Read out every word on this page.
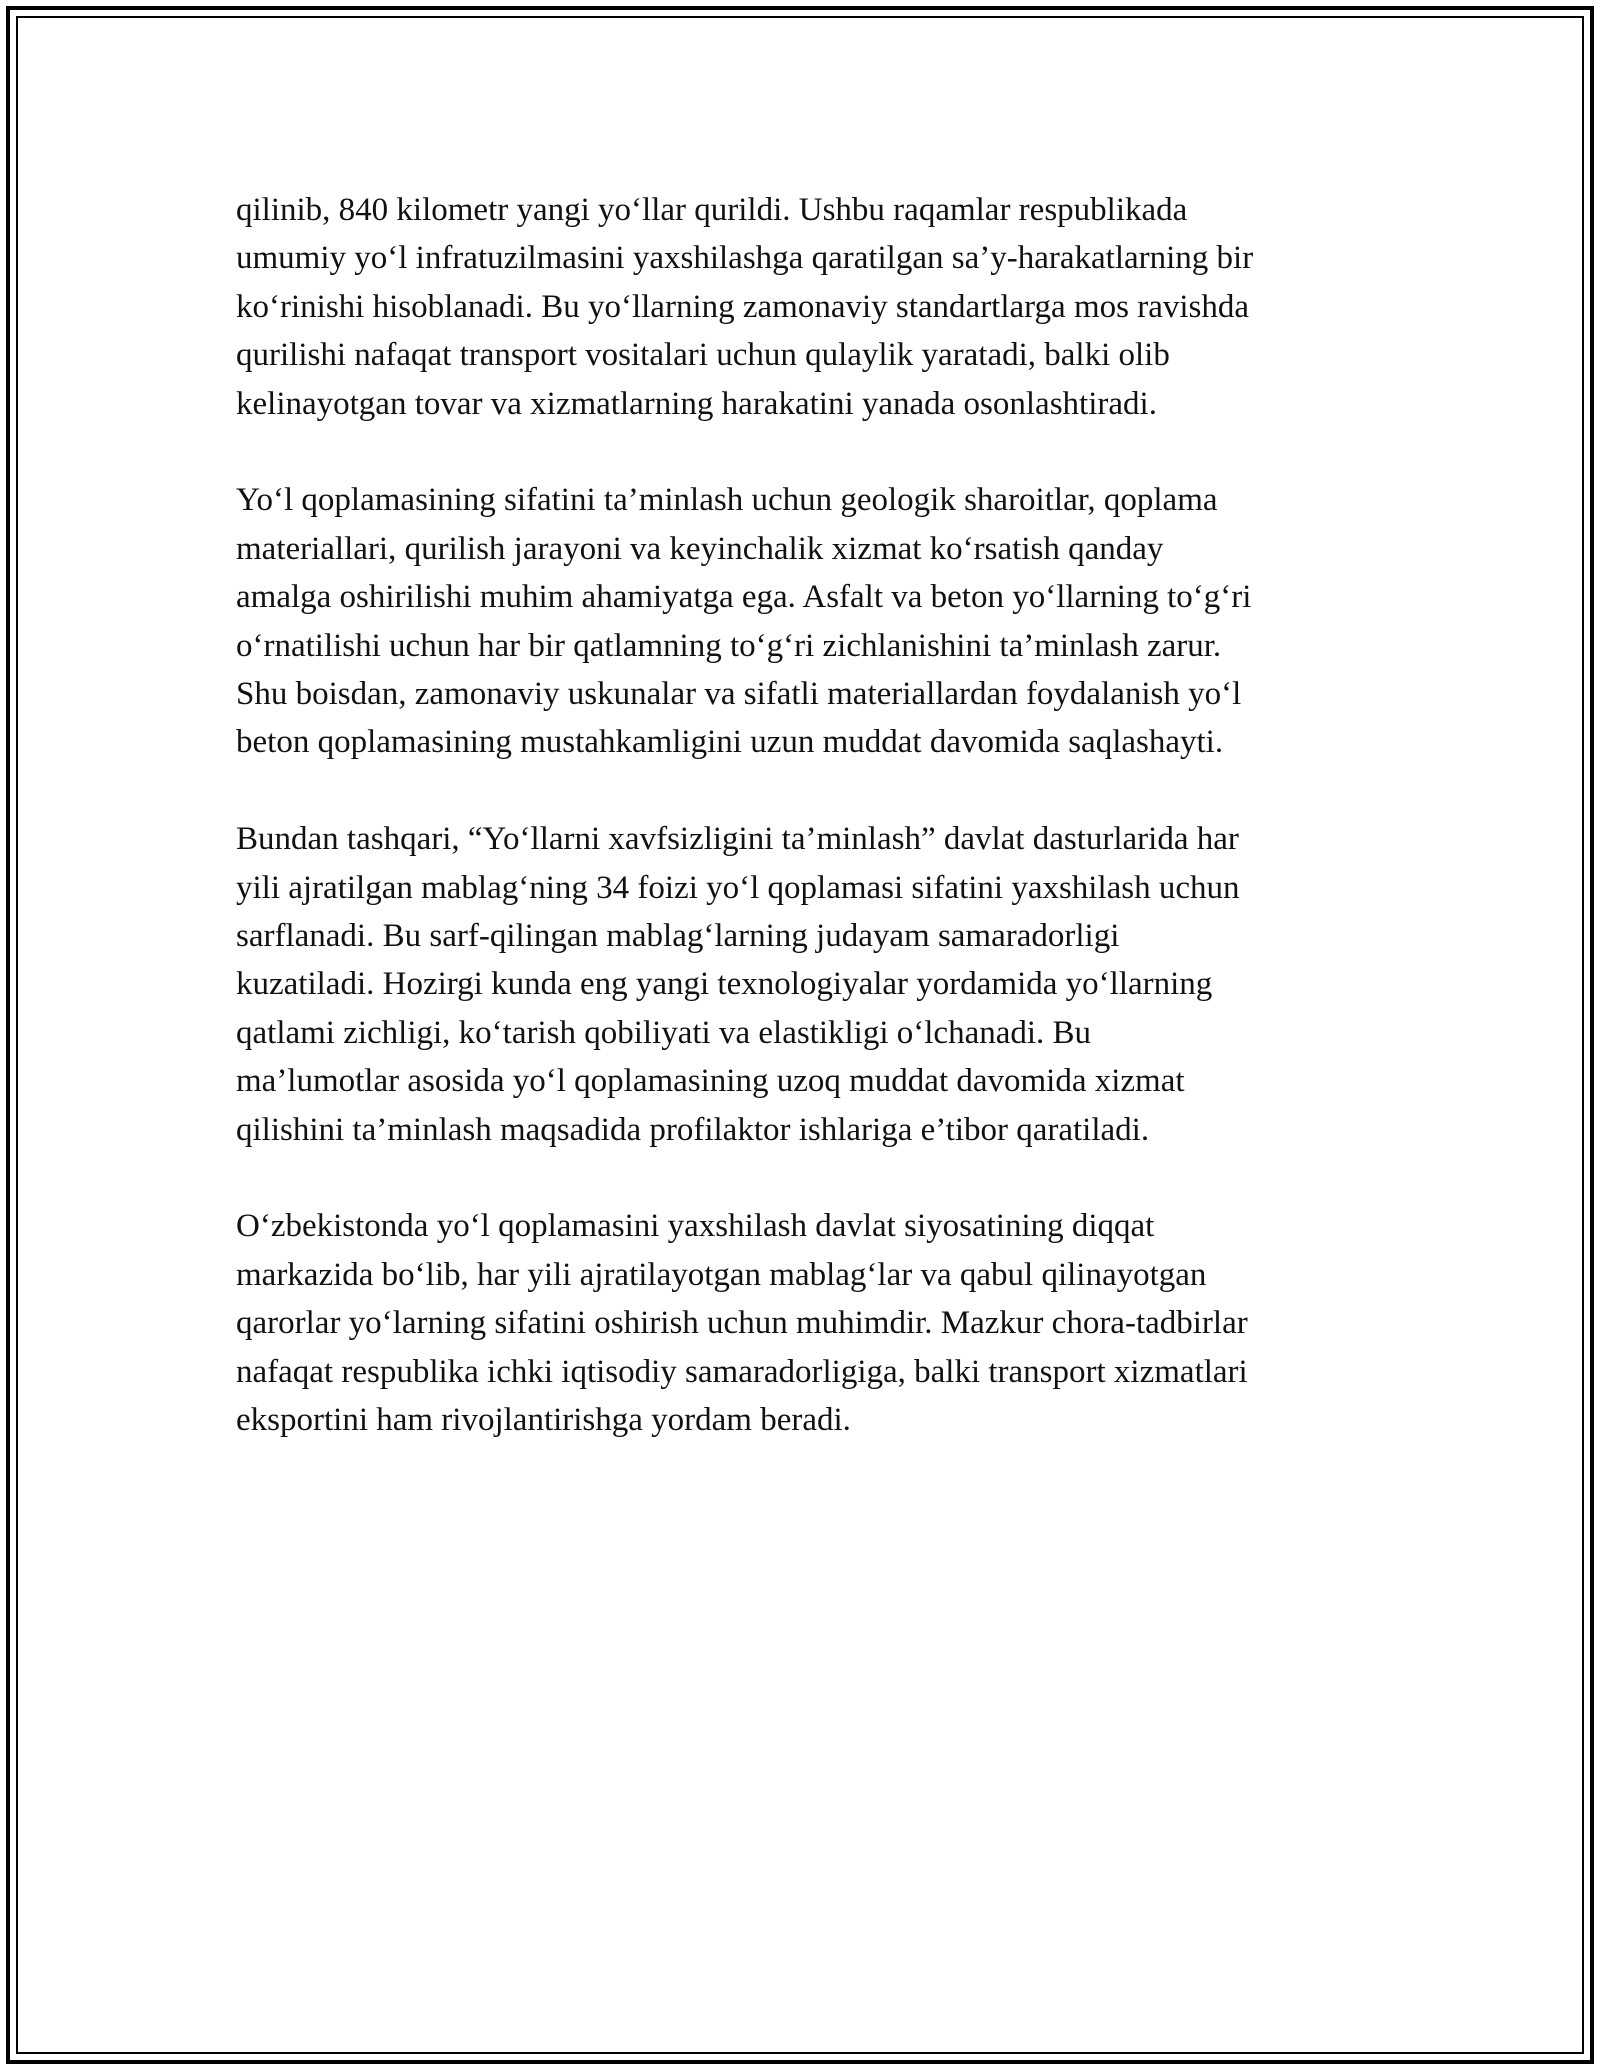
qilinib, 840 kilometr yangi yo‘llar qurildi. Ushbu raqamlar respublikada
umumiy yo‘l infratuzilmasini yaxshilashga qaratilgan sa’y-harakatlarning bir
ko‘rinishi hisoblanadi. Bu yo‘llarning zamonaviy standartlarga mos ravishda
qurilishi nafaqat transport vositalari uchun qulaylik yaratadi, balki olib
kelinayotgan tovar va xizmatlarning harakatini yanada osonlashtiradi.

Yo‘l qoplamasining sifatini ta’minlash uchun geologik sharoitlar, qoplama
materiallari, qurilish jarayoni va keyinchalik xizmat ko‘rsatish qanday
amalga oshirilishi muhim ahamiyatga ega. Asfalt va beton yo‘llarning to‘g‘ri
o‘rnatilishi uchun har bir qatlamning to‘g‘ri zichlanishini ta’minlash zarur.
Shu boisdan, zamonaviy uskunalar va sifatli materiallardan foydalanish yo‘l
beton qoplamasining mustahkamligini uzun muddat davomida saqlashayti.

Bundan tashqari, “Yo‘llarni xavfsizligini ta’minlash” davlat dasturlarida har
yili ajratilgan mablag‘ning 34 foizi yo‘l qoplamasi sifatini yaxshilash uchun
sarflanadi. Bu sarf-qilingan mablag‘larning judayam samaradorligi
kuzatiladi. Hozirgi kunda eng yangi texnologiyalar yordamida yo‘llarning
qatlami zichligi, ko‘tarish qobiliyati va elastikligi o‘lchanadi. Bu
ma’lumotlar asosida yo‘l qoplamasining uzoq muddat davomida xizmat
qilishini ta’minlash maqsadida profilaktor ishlariga e’tibor qaratiladi.

O‘zbekistonda yo‘l qoplamasini yaxshilash davlat siyosatining diqqat
markazida bo‘lib, har yili ajratilayotgan mablag‘lar va qabul qilinayotgan
qarorlar yo‘larning sifatini oshirish uchun muhimdir. Mazkur chora-tadbirlar
nafaqat respublika ichki iqtisodiy samaradorligiga, balki transport xizmatlari
eksportini ham rivojlantirishga yordam beradi.
